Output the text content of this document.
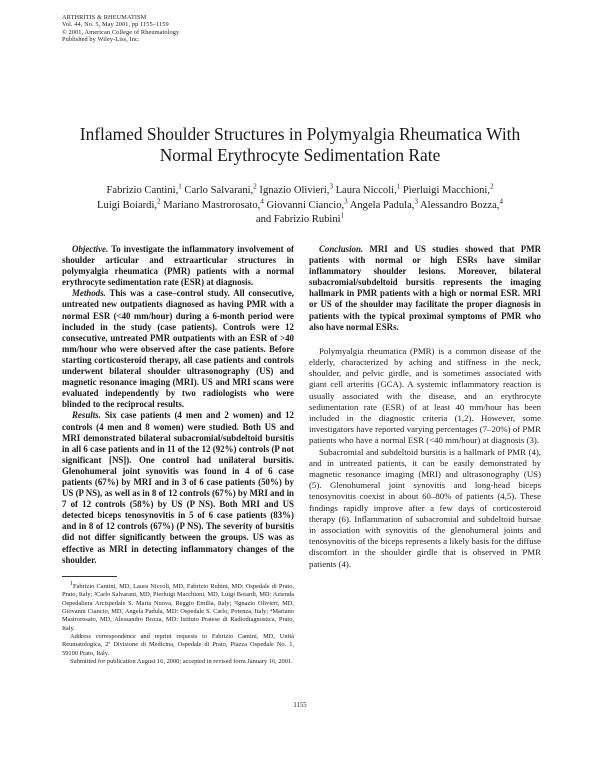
ARTHRITIS & RHEUMATISM
Vol. 44, No. 5, May 2001, pp 1155–1159
© 2001, American College of Rheumatology
Published by Wiley-Liss, Inc.
Inflamed Shoulder Structures in Polymyalgia Rheumatica With
Normal Erythrocyte Sedimentation Rate
Fabrizio Cantini,$^1$ Carlo Salvarani,$^2$ Ignazio Olivieri,$^3$ Laura Niccoli,$^1$ Pierluigi Macchioni,$^2$
Luigi Boiardi,$^2$ Mariano Mastrorosato,$^4$ Giovanni Ciancio,$^3$ Angela Padula,$^3$ Alessandro Bozza,$^4$
and Fabrizio Rubini$^1$

Objective. To investigate the inflammatory involvement of shoulder articular and extraarticular structures in polymyalgia rheumatica (PMR) patients with a normal erythrocyte sedimentation rate (ESR) at diagnosis.

Methods. This was a case–control study. All consecutive, untreated new outpatients diagnosed as having PMR with a normal ESR (<40 mm/hour) during a 6-month period were included in the study (case patients). Controls were 12 consecutive, untreated PMR outpatients with an ESR of >40 mm/hour who were observed after the case patients. Before starting corticosteroid therapy, all case patients and controls underwent bilateral shoulder ultrasonography (US) and magnetic resonance imaging (MRI). US and MRI scans were evaluated independently by two radiologists who were blinded to the reciprocal results.

Results. Six case patients (4 men and 2 women) and 12 controls (4 men and 8 women) were studied. Both US and MRI demonstrated bilateral subacromial/subdeltoid bursitis in all 6 case patients and in 11 of the 12 (92%) controls (P not significant [NS]). One control had unilateral bursitis. Glenohumeral joint synovitis was found in 4 of 6 case patients (67%) by MRI and in 3 of 6 case patients (50%) by US (P NS), as well as in 8 of 12 controls (67%) by MRI and in 7 of 12 controls (58%) by US (P NS). Both MRI and US detected biceps tenosynovitis in 5 of 6 case patients (83%) and in 8 of 12 controls (67%) (P NS). The severity of bursitis did not differ significantly between the groups. US was as effective as MRI in detecting inflammatory changes of the shoulder.

$^1$Fabrizio Cantini, MD, Laura Niccoli, MD, Fabrizio Rubini, MD: Ospedale di Prato, Prato, Italy; ²Carlo Salvarani, MD, Pierluigi Macchioni, MD, Luigi Boiardi, MD: Azienda Ospedaliera Arcispedale S. Maria Nuova, Reggio Emilia, Italy; ³Ignazio Olivieri, MD, Giovanni Ciancio, MD, Angela Padula, MD: Ospedale S. Carlo, Potenza, Italy; ⁴Mariano Mastrorosato, MD, Alessandro Bozza, MD: Istituto Pratese di Radiodiagnostica, Prato, Italy.

Address correspondence and reprint requests to Fabrizio Cantini, MD, Unità Reumatologica, 2ª Divisione di Medicina, Ospedale di Prato, Piazza Ospedale No. 1, 59100 Prato, Italy.

Submitted for publication August 16, 2000; accepted in revised form January 16, 2001.

Conclusion. MRI and US studies showed that PMR patients with normal or high ESRs have similar inflammatory shoulder lesions. Moreover, bilateral subacromial/subdeltoid bursitis represents the imaging hallmark in PMR patients with a high or normal ESR. MRI or US of the shoulder may facilitate the proper diagnosis in patients with the typical proximal symptoms of PMR who also have normal ESRs.

Polymyalgia rheumatica (PMR) is a common disease of the elderly, characterized by aching and stiffness in the neck, shoulder, and pelvic girdle, and is sometimes associated with giant cell arteritis (GCA). A systemic inflammatory reaction is usually associated with the disease, and an erythrocyte sedimentation rate (ESR) of at least 40 mm/hour has been included in the diagnostic criteria (1,2). However, some investigators have reported varying percentages (7–20%) of PMR patients who have a normal ESR (<40 mm/hour) at diagnosis (3).

Subacromial and subdeltoid bursitis is a hallmark of PMR (4), and in untreated patients, it can be easily demonstrated by magnetic resonance imaging (MRI) and ultrasonography (US) (5). Glenohumeral joint synovitis and long-head biceps tenosynovitis coexist in about 60–80% of patients (4,5). These findings rapidly improve after a few days of corticosteroid therapy (6). Inflammation of subacromial and subdeltoid bursae in association with synovitis of the glenohumeral joints and tenosynovitis of the biceps represents a likely basis for the diffuse discomfort in the shoulder girdle that is observed in PMR patients (4).

1155
